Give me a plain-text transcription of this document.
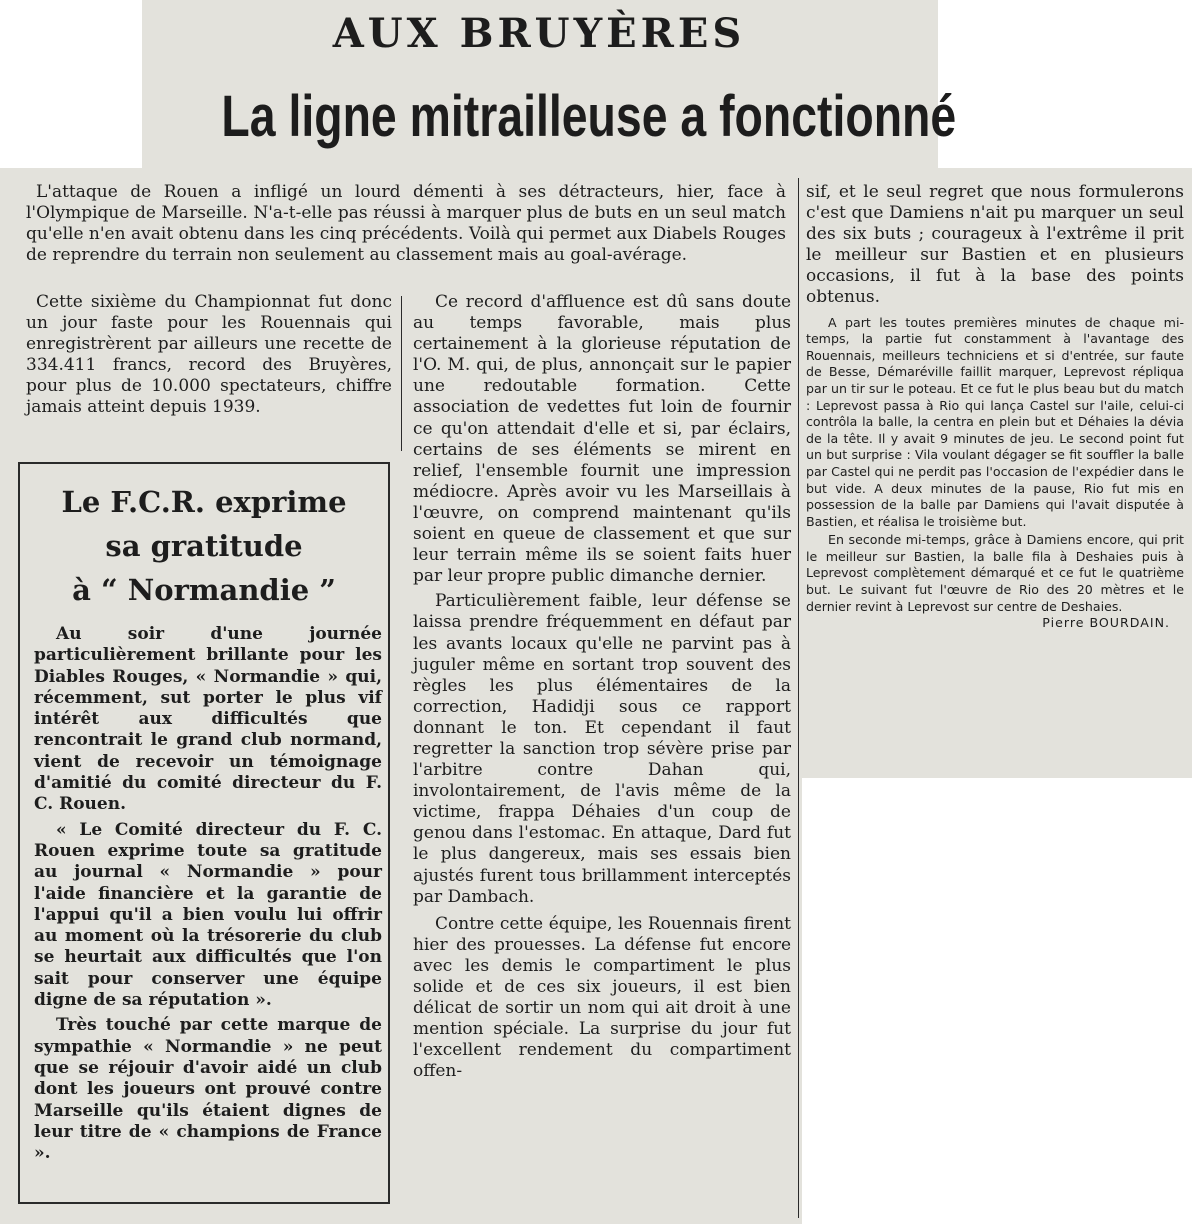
AUX BRUYÈRES
La ligne mitrailleuse a fonctionné

L'attaque de Rouen a infligé un lourd démenti à ses détracteurs, hier, face à l'Olympique de Marseille. N'a-t-elle pas réussi à marquer plus de buts en un seul match qu'elle n'en avait obtenu dans les cinq précédents. Voilà qui permet aux Diabels Rouges de reprendre du terrain non seulement au classement mais au goal-avérage.

Cette sixième du Championnat fut donc un jour faste pour les Rouennais qui enregistrèrent par ailleurs une recette de 334.411 francs, record des Bruyères, pour plus de 10.000 spectateurs, chiffre jamais atteint depuis 1939.

Le F.C.R. exprime
sa gratitude
à “ Normandie ”

Au soir d'une journée particulièrement brillante pour les Diables Rouges, « Normandie » qui, récemment, sut porter le plus vif intérêt aux difficultés que rencontrait le grand club normand, vient de recevoir un témoignage d'amitié du comité directeur du F. C. Rouen.

« Le Comité directeur du F. C. Rouen exprime toute sa gratitude au journal « Normandie » pour l'aide financière et la garantie de l'appui qu'il a bien voulu lui offrir au moment où la trésorerie du club se heurtait aux difficultés que l'on sait pour conserver une équipe digne de sa réputation ».

Très touché par cette marque de sympathie « Normandie » ne peut que se réjouir d'avoir aidé un club dont les joueurs ont prouvé contre Marseille qu'ils étaient dignes de leur titre de « champions de France ».

Ce record d'affluence est dû sans doute au temps favorable, mais plus certainement à la glorieuse réputation de l'O. M. qui, de plus, annonçait sur le papier une redoutable formation. Cette association de vedettes fut loin de fournir ce qu'on attendait d'elle et si, par éclairs, certains de ses éléments se mirent en relief, l'ensemble fournit une impression médiocre. Après avoir vu les Marseillais à l'œuvre, on comprend maintenant qu'ils soient en queue de classement et que sur leur terrain même ils se soient faits huer par leur propre public dimanche dernier.

Particulièrement faible, leur défense se laissa prendre fréquemment en défaut par les avants locaux qu'elle ne parvint pas à juguler même en sortant trop souvent des règles les plus élémentaires de la correction, Hadidji sous ce rapport donnant le ton. Et cependant il faut regretter la sanction trop sévère prise par l'arbitre contre Dahan qui, involontairement, de l'avis même de la victime, frappa Déhaies d'un coup de genou dans l'estomac. En attaque, Dard fut le plus dangereux, mais ses essais bien ajustés furent tous brillamment interceptés par Dambach.

Contre cette équipe, les Rouennais firent hier des prouesses. La défense fut encore avec les demis le compartiment le plus solide et de ces six joueurs, il est bien délicat de sortir un nom qui ait droit à une mention spéciale. La surprise du jour fut l'excellent rendement du compartiment offen-

sif, et le seul regret que nous formulerons c'est que Damiens n'ait pu marquer un seul des six buts ; courageux à l'extrême il prit le meilleur sur Bastien et en plusieurs occasions, il fut à la base des points obtenus.

A part les toutes premières minutes de chaque mi-temps, la partie fut constamment à l'avantage des Rouennais, meilleurs techniciens et si d'entrée, sur faute de Besse, Démaréville faillit marquer, Leprevost répliqua par un tir sur le poteau. Et ce fut le plus beau but du match : Leprevost passa à Rio qui lança Castel sur l'aile, celui-ci contrôla la balle, la centra en plein but et Déhaies la dévia de la tête. Il y avait 9 minutes de jeu. Le second point fut un but surprise : Vila voulant dégager se fit souffler la balle par Castel qui ne perdit pas l'occasion de l'expédier dans le but vide. A deux minutes de la pause, Rio fut mis en possession de la balle par Damiens qui l'avait disputée à Bastien, et réalisa le troisième but.

En seconde mi-temps, grâce à Damiens encore, qui prit le meilleur sur Bastien, la balle fila à Deshaies puis à Leprevost complètement démarqué et ce fut le quatrième but. Le suivant fut l'œuvre de Rio des 20 mètres et le dernier revint à Leprevost sur centre de Deshaies.

Pierre BOURDAIN.
